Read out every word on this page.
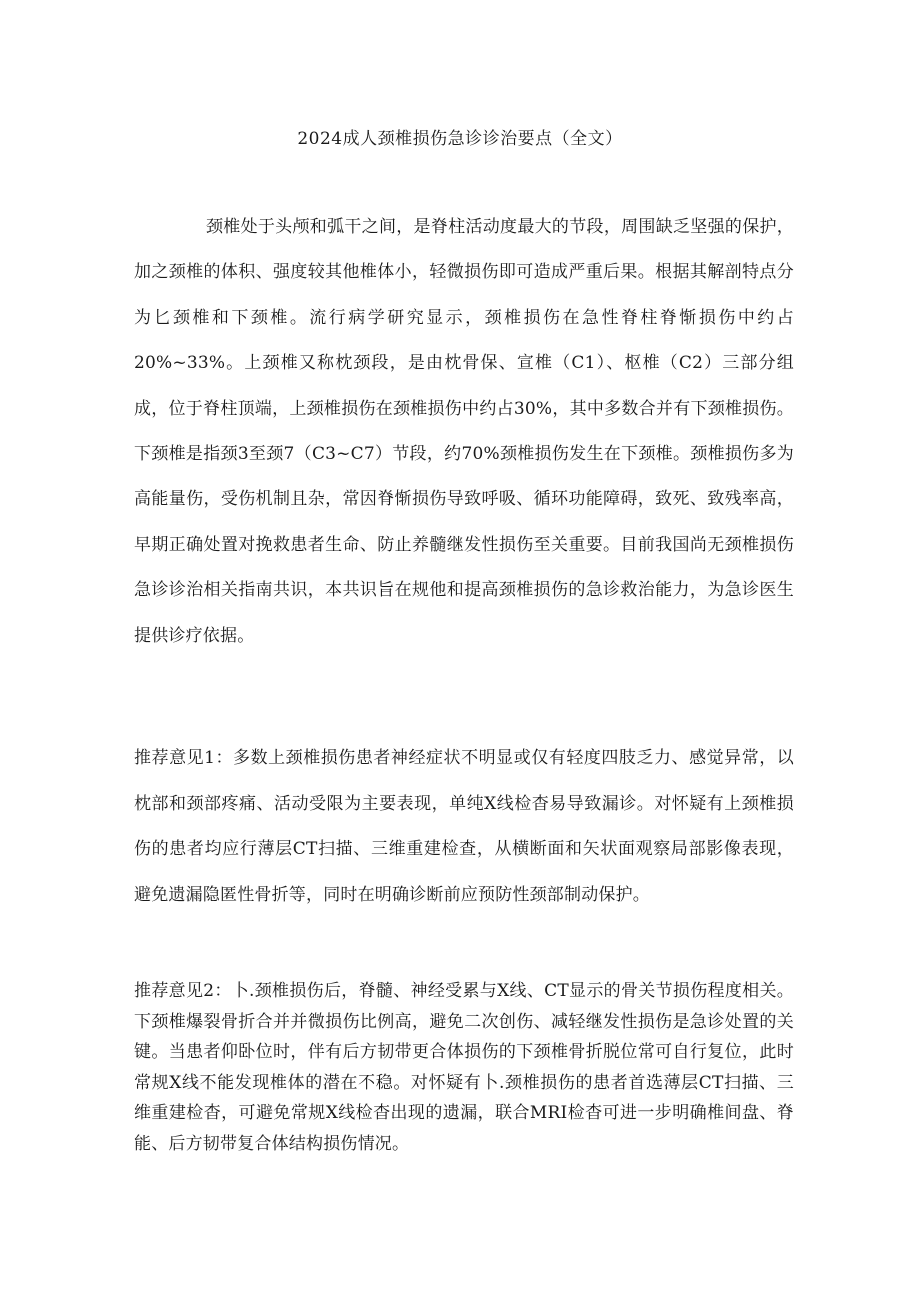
2024成人颈椎损伤急诊诊治要点（全文）

颈椎处于头颅和弧干之间，是脊柱活动度最大的节段，周围缺乏坚强的保护，加之颈椎的体积、强度较其他椎体小，轻微损伤即可造成严重后果。根据其解剖特点分为匕颈椎和下颈椎。流行病学研究显示，颈椎损伤在急性脊柱脊惭损伤中约占20%~33%。上颈椎又称枕颈段，是由枕骨保、宣椎（C1）、枢椎（C2）三部分组成，位于脊柱顶端，上颈椎损伤在颈椎损伤中约占30%，其中多数合并有下颈椎损伤。下颈椎是指颈3至颈7（C3~C7）节段，约70%颈椎损伤发生在下颈椎。颈椎损伤多为高能量伤，受伤机制且杂，常因脊惭损伤导致呼吸、循环功能障碍，致死、致残率高，早期正确处置对挽救患者生命、防止养髓继发性损伤至关重要。目前我国尚无颈椎损伤急诊诊治相关指南共识，本共识旨在规他和提高颈椎损伤的急诊救治能力，为急诊医生提供诊疗依据。

推荐意见1：多数上颈椎损伤患者神经症状不明显或仅有轻度四肢乏力、感觉异常，以枕部和颈部疼痛、活动受限为主要表现，单纯X线检杳易导致漏诊。对怀疑有上颈椎损伤的患者均应行薄层CT扫描、三维重建检查，从横断面和矢状面观察局部影像表现，避免遗漏隐匿性骨折等，同时在明确诊断前应预防性颈部制动保护。

推荐意见2：卜.颈椎损伤后，脊髓、神经受累与X线、CT显示的骨关节损伤程度相关。下颈椎爆裂骨折合并并微损伤比例高，避免二次创伤、减轻继发性损伤是急诊处置的关键。当患者仰卧位时，伴有后方韧带更合体损伤的下颈椎骨折脱位常可自行复位，此时常规X线不能发现椎体的潜在不稳。对怀疑有卜.颈椎损伤的患者首选薄层CT扫描、三维重建检杳，可避免常规X线检杳出现的遗漏，联合MRI检杳可进一步明确椎间盘、脊能、后方韧带复合体结构损伤情况。
